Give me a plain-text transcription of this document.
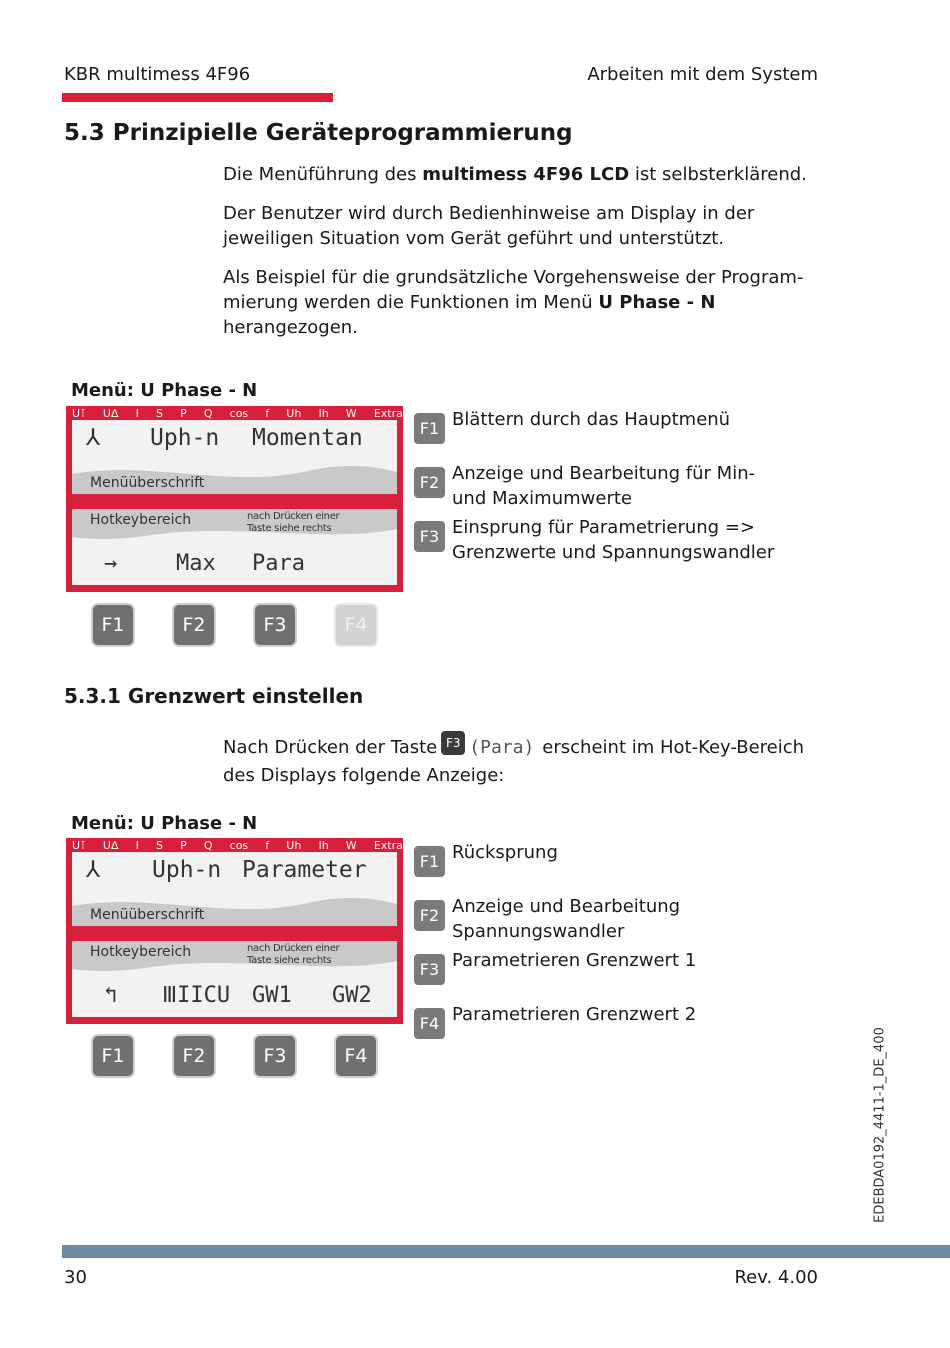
KBR multimess 4F96	Arbeiten mit dem System
5.3 Prinzipielle Geräteprogrammierung

Die Menüführung des multimess 4F96 LCD ist selbsterklärend.

Der Benutzer wird durch Bedienhinweise am Display in der jeweiligen Situation vom Gerät geführt und unterstützt.

Als Beispiel für die grundsätzliche Vorgehensweise der Program-mierung werden die Funktionen im Menü U Phase - N herangezogen.

Menü: U Phase - N
U⊺ UΔ I S P Q cos f Uh Ih W Extra
⅄ Uph-n Momentan
Menüüberschrift
Hotkeybereich	nach Drücken einer Taste siehe rechts
→	Max Para
F1	F2	F3	F4
F1 Blättern durch das Hauptmenü
F2 Anzeige und Bearbeitung für Min- und Maximumwerte
F3 Einsprung für Parametrierung => Grenzwerte und Spannungswandler
5.3.1 Grenzwert einstellen

Nach Drücken der Taste F3 (Para) erscheint im Hot-Key-Bereich
des Displays folgende Anzeige:

Menü: U Phase - N
U⊺ UΔ I S P Q cos f Uh Ih W Extra
⅄ Uph-n Parameter
Menüüberschrift
Hotkeybereich	nach Drücken einer Taste siehe rechts
↰ ⅢIICU GW1 GW2
F1	F2	F3	F4
F1 Rücksprung
F2 Anzeige und Bearbeitung Spannungswandler
F3 Parametrieren Grenzwert 1
F4 Parametrieren Grenzwert 2
EDEBDA0192_4411-1_DE_400
30	Rev. 4.00
